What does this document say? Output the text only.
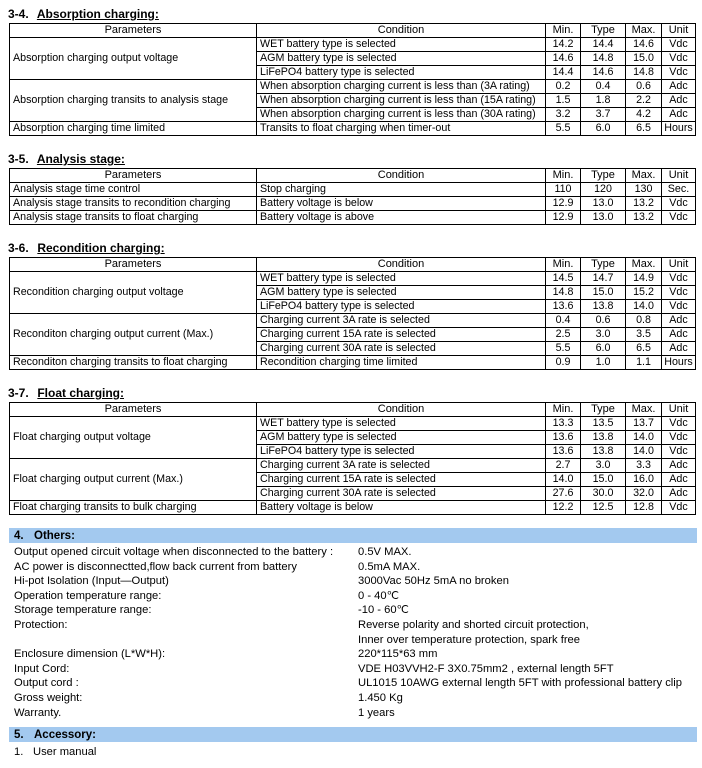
3-4. Absorption charging:
Parameters	Condition	Min.	Type	Max.	Unit
Absorption charging output voltage	WET battery type is selected	14.2	14.4	14.6	Vdc
	AGM battery type is selected	14.6	14.8	15.0	Vdc
	LiFePO4 battery type is selected	14.4	14.6	14.8	Vdc
Absorption charging transits to analysis stage	When absorption charging current is less than (3A rating)	0.2	0.4	0.6	Adc
	When absorption charging current is less than (15A rating)	1.5	1.8	2.2	Adc
	When absorption charging current is less than (30A rating)	3.2	3.7	4.2	Adc
Absorption charging time limited	Transits to float charging when timer-out	5.5	6.0	6.5	Hours
3-5. Analysis stage:
Parameters	Condition	Min.	Type	Max.	Unit
Analysis stage time control	Stop charging	110	120	130	Sec.
Analysis stage transits to recondition charging	Battery voltage is below	12.9	13.0	13.2	Vdc
Analysis stage transits to float charging	Battery voltage is above	12.9	13.0	13.2	Vdc
3-6. Recondition charging:
Parameters	Condition	Min.	Type	Max.	Unit
Recondition charging output voltage	WET battery type is selected	14.5	14.7	14.9	Vdc
	AGM battery type is selected	14.8	15.0	15.2	Vdc
	LiFePO4 battery type is selected	13.6	13.8	14.0	Vdc
Reconditon charging output current (Max.)	Charging current 3A rate is selected	0.4	0.6	0.8	Adc
	Charging current 15A rate is selected	2.5	3.0	3.5	Adc
	Charging current 30A rate is selected	5.5	6.0	6.5	Adc
Reconditon charging transits to float charging	Recondition charging time limited	0.9	1.0	1.1	Hours
3-7. Float charging:
Parameters	Condition	Min.	Type	Max.	Unit
Float charging output voltage	WET battery type is selected	13.3	13.5	13.7	Vdc
	AGM battery type is selected	13.6	13.8	14.0	Vdc
	LiFePO4 battery type is selected	13.6	13.8	14.0	Vdc
Float charging output current (Max.)	Charging current 3A rate is selected	2.7	3.0	3.3	Adc
	Charging current 15A rate is selected	14.0	15.0	16.0	Adc
	Charging current 30A rate is selected	27.6	30.0	32.0	Adc
Float charging transits to bulk charging	Battery voltage is below	12.2	12.5	12.8	Vdc
4. Others:
Output opened circuit voltage when disconnected to the battery :	0.5V MAX.
AC power is disconnectted,flow back current from battery	0.5mA MAX.
Hi-pot Isolation (Input—Output)	3000Vac 50Hz 5mA no broken
Operation temperature range:	0 - 40℃
Storage temperature range:	-10 - 60℃
Protection:	Reverse polarity and shorted circuit protection,
Inner over temperature protection, spark free
Enclosure dimension (L*W*H):	220*115*63 mm
Input Cord:	VDE H03VVH2-F 3X0.75mm2 , external length 5FT
Output cord :	UL1015 10AWG external length 5FT with professional battery clip
Gross weight:	1.450 Kg
Warranty.	1 years
5. Accessory:
1. User manual
